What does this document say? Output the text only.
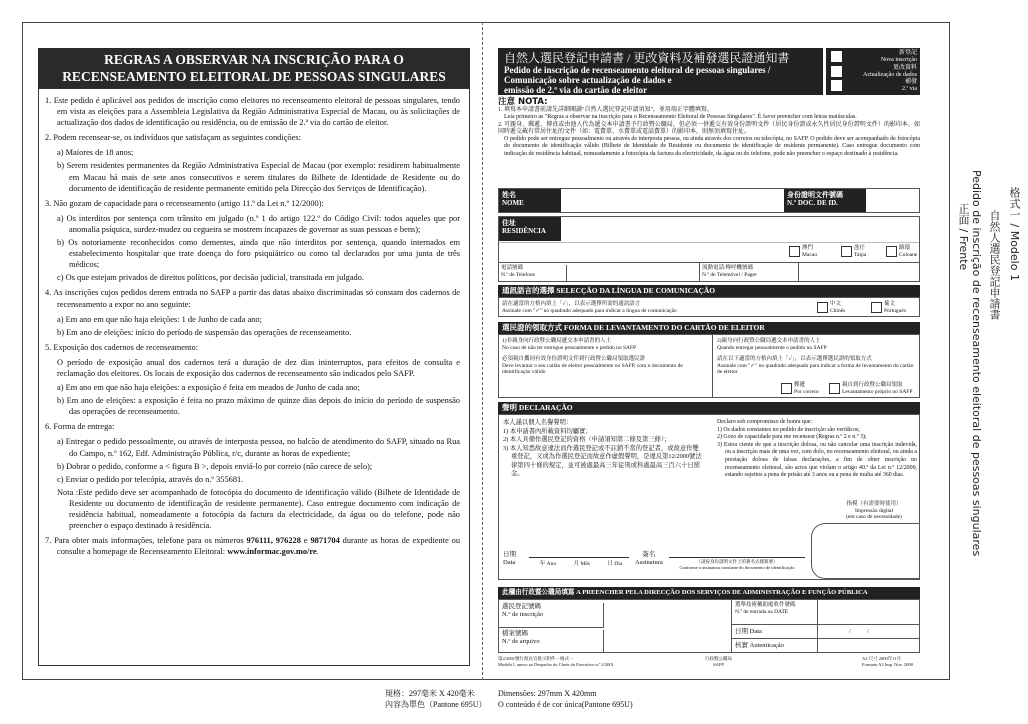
REGRAS A OBSERVAR NA INSCRIÇÃO PARA O
RECENSEAMENTO ELEITORAL DE PESSOAS SINGULARES

1. Este pedido é aplicável aos pedidos de inscrição como eleitores no recenseamento eleitoral de pessoas singulares, tendo em vista as eleições para a Assembleia Legislativa da Região Administrativa Especial de Macau, ou às solicitações de actualização dos dados de identificação ou residência, ou de emissão de 2.ª via do cartão de eleitor.

2. Podem recensear-se, os indivíduos que satisfaçam as seguintes condições:

a) Maiores de 18 anos;

b) Serem residentes permanentes da Região Administrativa Especial de Macau (por exemplo: residirem habitualmente em Macau há mais de sete anos consecutivos e serem titulares do Bilhete de Identidade de Residente ou do documento de identificação de residente permanente emitido pela Direcção dos Serviços de Identificação).

3. Não gozam de capacidade para o recenseamento (artigo 11.º da Lei n.º 12/2000):

a) Os interditos por sentença com trânsito em julgado (n.º 1 do artigo 122.º do Código Civil: todos aqueles que por anomalia psíquica, surdez-mudez ou cegueira se mostrem incapazes de governar as suas pessoas e bens);

b) Os notoriamente reconhecidos como dementes, ainda que não interditos por sentença, quando internados em estabelecimento hospitalar que trate doença do foro psiquiátrico ou como tal declarados por uma junta de três médicos;

c) Os que estejam privados de direitos políticos, por decisão judicial, transitada em julgado.

4. As inscrições cujos pedidos derem entrada no SAFP a partir das datas abaixo discriminadas só constam dos cadernos de recenseamento a expor no ano seguinte:

a) Em ano em que não haja eleições: 1 de Junho de cada ano;

b) Em ano de eleições: início do período de suspensão das operações de recenseamento.

5. Exposição dos cadernos de recenseamento:

O período de exposição anual dos cadernos terá a duração de dez dias ininterruptos, para efeitos de consulta e reclamação dos eleitores. Os locais de exposição dos cadernos de recenseamento são indicados pelo SAFP.

a) Em ano em que não haja eleições: a exposição é feita em meados de Junho de cada ano;

b) Em ano de eleições: a exposição é feita no prazo máximo de quinze dias depois do início do período de suspensão das operações de recenseamento.

6. Forma de entrega:

a) Entregar o pedido pessoalmente, ou através de interposta pessoa, no balcão de atendimento do SAFP, situado na Rua do Campo, n.º 162, Edf. Administração Pública, r/c, durante as horas de expediente;

b) Dobrar o pedido, conforme a < figura B >, depois enviá-lo por correio (não carece de selo);

c) Enviar o pedido por telecópia, através do n.º 355681.

Nota :Este pedido deve ser acompanhado de fotocópia do documento de identificação válido (Bilhete de Identidade de Residente ou documento de identificação de residente permanente). Caso entregue documento com indicação de residência habitual, nomeadamente a fotocópia da factura da electricidade, da água ou do telefone, pode não preencher o espaço destinado à residência.

7. Para obter mais informações, telefone para os números 976111, 976228 e 9871704 durante as horas de expediente ou consulte a homepage de Recenseamento Eleitoral: www.informac.gov.mo/re.

自然人選民登記申請書 / 更改資料及補發選民證通知書
Pedido de inscrição de recenseamento eleitoral de pessoas singulares /
Comunicação sobre actualização de dados e
emissão de 2.ª via do cartão de eleitor
新登記
Nova inscrição
更改資料
Actualização de dados
補發
2.ª via
注意 NOTA:
1. 填寫本申請書前請先詳細閱讀"自然人選民登記申請須知"，並用端正字體填寫。
Leia primeiro as "Regras a observar na inscrição para o Recenseamento Eleitoral de Pessoas Singulares". É favor preencher com letras maiúsculas.
2. 可親身、郵遞、傳真或由他人代為遞交本申請書予行政暨公職局，但必須一併遞交有效身份證明文件（居民身份證或永久性居民身份證明文件）的影印本。如同時遞交載有常居住址的文件（如：電費單、水費單或電話費單）的影印本，則無須填寫住址。
O pedido pode ser entregue pessoalmente ou através de interposta pessoa, ou ainda através dos correios ou telecópia, no SAFP. O pedido deve ser acompanhado de fotocópia do documento de identificação válido (Bilhete de Identidade de Residente ou documento de identificação de residente permanente). Caso entregue documento com indicação de residência habitual, nomeadamente a fotocópia da factura da electricidade, da água ou do telefone, pode não preencher o espaço destinado à residência.
姓名
NOME
身份證明文件號碼
N.º DOC. DE ID.
住址
RESIDÊNCIA
澳門
Macau
氹仔
Taipa
路環
Coloane
電話號碼
N.º de Telefone
流動電話/傳呼機號碼
N.º de Telemóvel / Pager
通訊語言的選擇 SELECÇÃO DA LÍNGUA DE COMUNICAÇÃO
請在適當的方格內填上「✓」，以表示選擇所需的通訊語言
Assinale com "✓" no quadrado adequado para indicar a língua de comunicação
中文
Chinês
葡文
Português
選民證的領取方式 FORMA DE LEVANTAMENTO DO CARTÃO DE ELEITOR
1)非親身向行政暨公職局遞交本申請書的人士
No caso de não ter entregue pessoalmente o pedido no SAFP
必須親自攜同有效身份證明文件到行政暨公職局領取選民證
Deve levantar o seu cartão de eleitor pessoalmente no SAFP, com o documento de identificação válido
2)親身向行政暨公職局遞交本申請書的人士
Quando entregar pessoalmente o pedido no SAFP
請在以下適當的方格內填上「✓」，以表示選擇選民證的領取方式
Assinale com "✓" no quadrado adequado para indicar a forma de levantamento do cartão de eleitor
郵遞
Por correio
親自到行政暨公職局領取
Levantamento próprio no SAFP
聲明 DECLARAÇÃO
本人謹以個人名譽聲明：
1) 本申請書內所載資料均屬實；
2) 本人具備作選民登記的資格（申請須知第二條及第三條）；
3) 本人知悉故意違法而作選民登記或不註銷不當的登記者，或故意作雙重登記，又或為作選民登記而故意作虛假聲明，是違反第12/2000號法律第四十條的規定，並可被處最高三年徒刑或科處最高三百六十日罰金。
Declaro sob compromisso de honra que:
1) Os dados constantes no pedido de inscrição são verídicos;
2) Gozo de capacidade para me recensear (Regras n.º 2 e n.º 3);
3) Estou ciente de que a inscrição dolosa, ou não cancelar uma inscrição indevida, ou a inscrição mais de uma vez, com dolo, no recenseamento eleitoral, ou ainda a prestação dolosa de falsas declarações, a fim de obter inscrição no recenseamento eleitoral, são actos que violam o artigo 40.º da Lei n.º 12/2000, estando sujeitos a pena de prisão até 3 anos ou a pena de multa até 360 dias.
指模（有需要時使用）
Impressão digital
(em caso de necessidade)
日期
Data	年 Ano	月 Mês	日 Dia
簽名
Assinatura	（請按身份證明文件上的簽名式樣簽署）
Conforme a assinatura constante do documento de identificação
此欄由行政暨公職局填寫 A PREENCHER PELA DIRECÇÃO DOS SERVIÇOS DE ADMINISTRAÇÃO E FUNÇÃO PÚBLICA
選民登記號碼
N.º de inscrição
檔案號碼
N.º de arquivo
選舉技術輔助處收件號碼
N.º de entrada na DATE
日期 Data	/          /
核實 Autenticação
第2/2001號行政長官批示附件－格式一
Modelo I, anexo ao Despacho do Chefe do Executivo n.º 2/2001
行政暨公職局
SAFP
A3 尺寸 2000年11月
Formato A3 Imp. Nov. 2000
格式一 / Modelo 1
自然人選民登記申請書
Pedido de inscrição de recenseamento eleitoral de pessoas singulares
正面 / Frente
規格：297毫米 X 420毫米
內容為單色（Pantone 695U）
Dimensões: 297mm X 420mm
O conteúdo é de cor única(Pantone 695U)
